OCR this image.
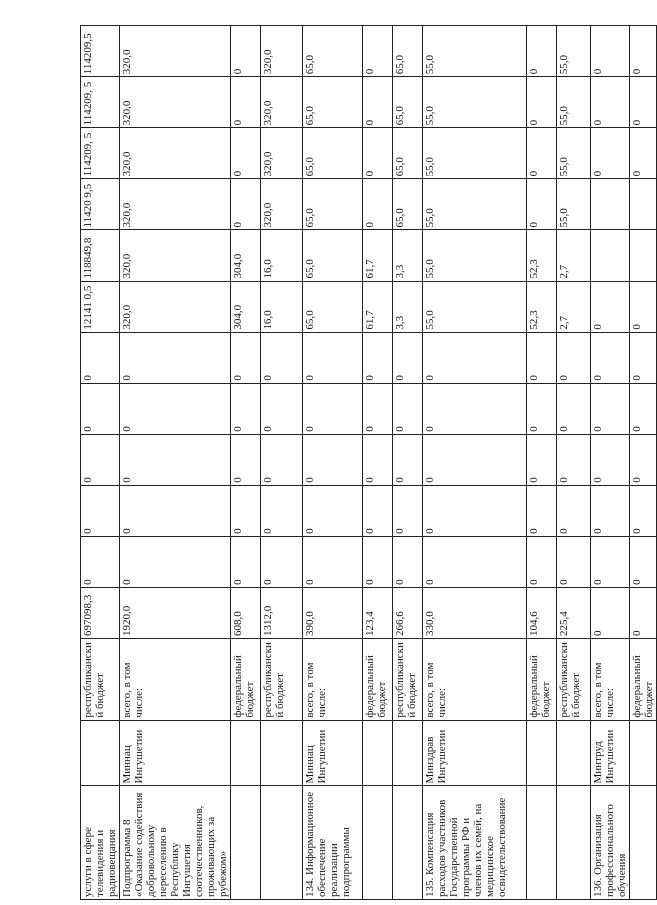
услуги в сфере телевидения и радиовещания		республиканский бюджет	697098,3	0	0	0	0	0	12141 0,5	118849,8	11420 9,5	114209, 5	114209, 5	114209,5
Подпрограмма 8 «Оказание содействия добровольному переселению в Республику Ингушетия соотечественников, проживающих за рубежом»	Миннац Ингушетии	всего, в том числе:	1920,0	0	0	0	0	0	320,0	320,0	320,0	320,0	320,0	320,0
		федеральный бюджет	608,0	0	0	0	0	0	304,0	304,0	0	0	0	0
		республиканский бюджет	1312,0	0	0	0	0	0	16,0	16,0	320,0	320,0	320,0	320,0
134. Информационное обеспечение реализации подпрограммы	Миннац Ингушетии	всего, в том числе:	390,0	0	0	0	0	0	65,0	65,0	65,0	65,0	65,0	65,0
		федеральный бюджет	123,4	0	0	0	0	0	61,7	61,7	0	0	0	0
		республиканский бюджет	266,6	0	0	0	0	0	3,3	3,3	65,0	65,0	65,0	65,0
135. Компенсация расходов участников Государственной программы РФ и членов их семей, на медицинское освидетельствование	Минздрав Ингушетии	всего, в том числе:	330,0	0	0	0	0	0	55,0	55,0	55,0	55,0	55,0	55,0
		федеральный бюджет	104,6	0	0	0	0	0	52,3	52,3	0	0	0	0
		республиканский бюджет	225,4	0	0	0	0	0	2,7	2,7	55,0	55,0	55,0	55,0
136. Организация профессионального обучения	Минтруд Ингушетии	всего, в том числе:	0	0	0	0	0	0	0			0	0	0
		федеральный бюджет	0	0	0	0	0	0	0			0	0	0
